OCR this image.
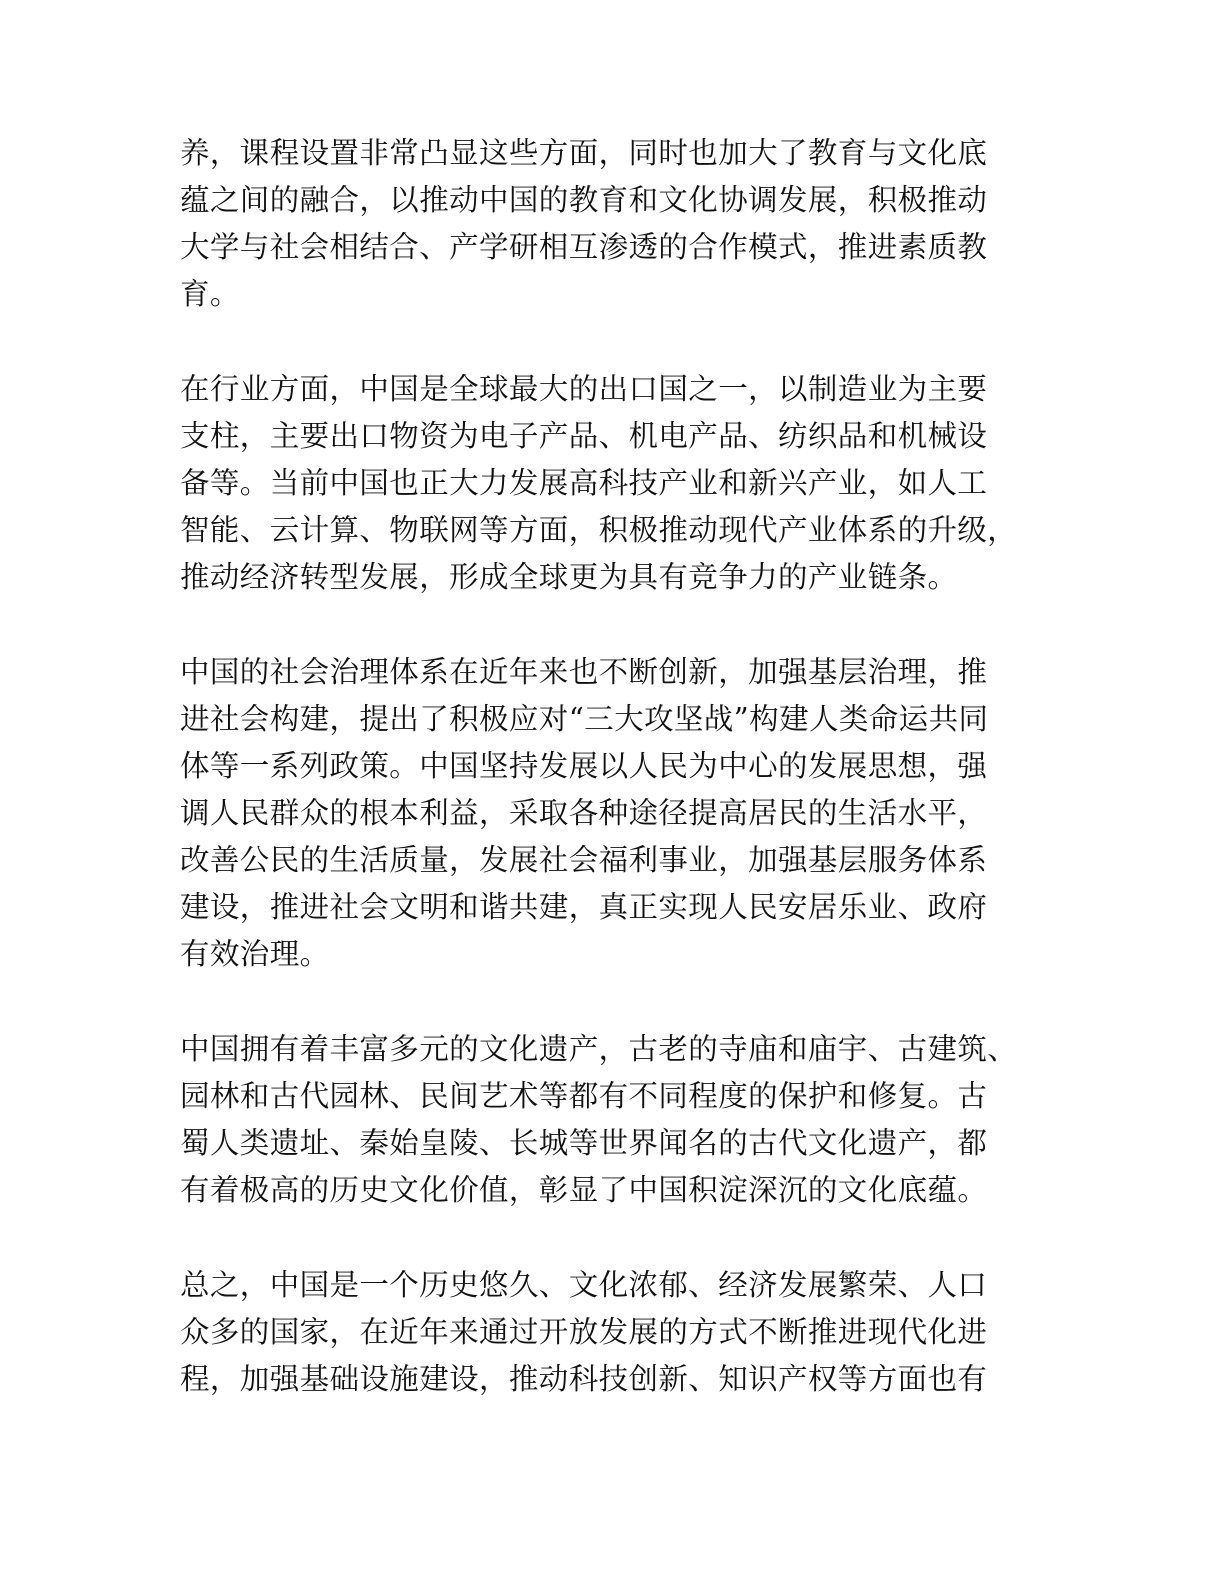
养，课程设置非常凸显这些方面，同时也加大了教育与文化底
蕴之间的融合，以推动中国的教育和文化协调发展，积极推动
大学与社会相结合、产学研相互渗透的合作模式，推进素质教
育。
在行业方面，中国是全球最大的出口国之一，以制造业为主要
支柱，主要出口物资为电子产品、机电产品、纺织品和机械设
备等。当前中国也正大力发展高科技产业和新兴产业，如人工
智能、云计算、物联网等方面，积极推动现代产业体系的升级，
推动经济转型发展，形成全球更为具有竞争力的产业链条。
中国的社会治理体系在近年来也不断创新，加强基层治理，推
进社会构建，提出了积极应对“三大攻坚战”构建人类命运共同
体等一系列政策。中国坚持发展以人民为中心的发展思想，强
调人民群众的根本利益，采取各种途径提高居民的生活水平，
改善公民的生活质量，发展社会福利事业，加强基层服务体系
建设，推进社会文明和谐共建，真正实现人民安居乐业、政府
有效治理。
中国拥有着丰富多元的文化遗产，古老的寺庙和庙宇、古建筑、
园林和古代园林、民间艺术等都有不同程度的保护和修复。古
蜀人类遗址、秦始皇陵、长城等世界闻名的古代文化遗产，都
有着极高的历史文化价值，彰显了中国积淀深沉的文化底蕴。
总之，中国是一个历史悠久、文化浓郁、经济发展繁荣、人口
众多的国家，在近年来通过开放发展的方式不断推进现代化进
程，加强基础设施建设，推动科技创新、知识产权等方面也有
